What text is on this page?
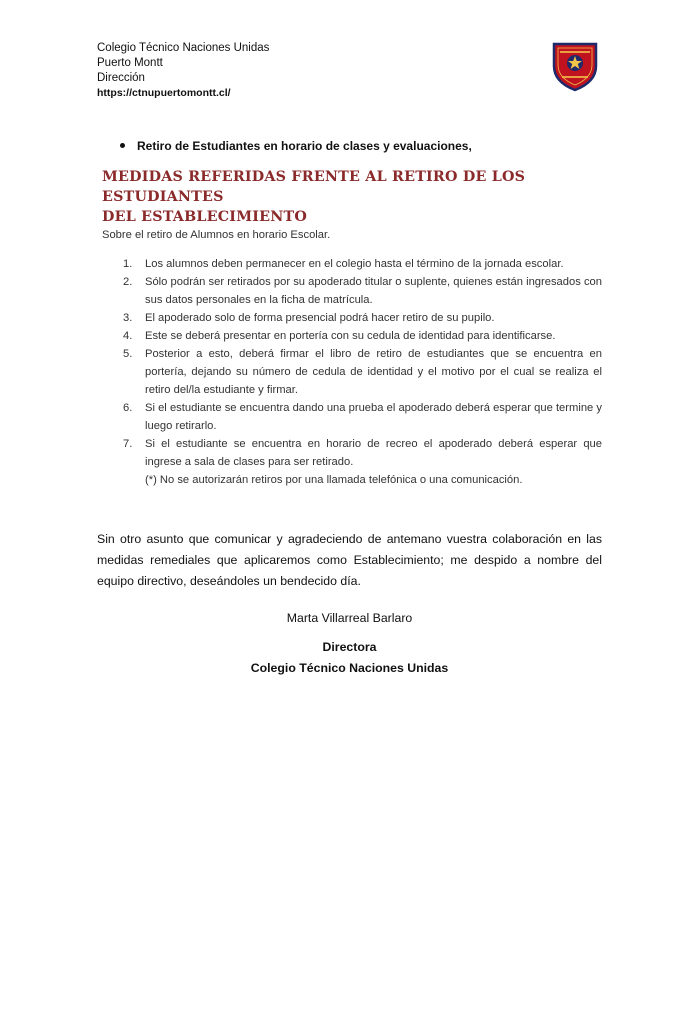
Colegio Técnico Naciones Unidas
Puerto Montt
Dirección
https://ctnupuertomontt.cl/
Retiro de Estudiantes en horario de clases y evaluaciones,
MEDIDAS REFERIDAS FRENTE AL RETIRO DE LOS ESTUDIANTES
DEL ESTABLECIMIENTO
Sobre el retiro de Alumnos en horario Escolar.
1. Los alumnos deben permanecer en el colegio hasta el término de la jornada escolar.
2. Sólo podrán ser retirados por su apoderado titular o suplente, quienes están ingresados con sus datos personales en la ficha de matrícula.
3. El apoderado solo de forma presencial podrá hacer retiro de su pupilo.
4. Este se deberá presentar en portería con su cedula de identidad para identificarse.
5. Posterior a esto, deberá firmar el libro de retiro de estudiantes que se encuentra en portería, dejando su número de cedula de identidad y el motivo por el cual se realiza el retiro del/la estudiante y firmar.
6. Si el estudiante se encuentra dando una prueba el apoderado deberá esperar que termine y luego retirarlo.
7. Si el estudiante se encuentra en horario de recreo el apoderado deberá esperar que ingrese a sala de clases para ser retirado.
(*) No se autorizarán retiros por una llamada telefónica o una comunicación.

Sin otro asunto que comunicar y agradeciendo de antemano vuestra colaboración en las medidas remediales que aplicaremos como Establecimiento; me despido a nombre del equipo directivo, deseándoles un bendecido día.

Marta Villarreal Barlaro
Directora
Colegio Técnico Naciones Unidas
